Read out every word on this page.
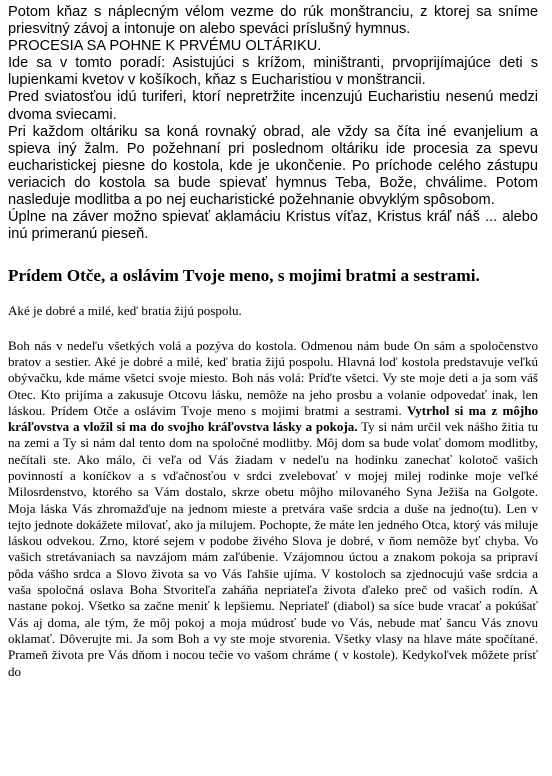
Potom kňaz s náplecným vélom vezme do rúk monštranciu, z ktorej sa sníme priesvitný závoj a intonuje on alebo speváci príslušný hymnus.

PROCESIA SA POHNE K PRVÉMU OLTÁRIKU.

Ide sa v tomto poradí: Asistujúci s krížom, miništranti, prvoprijímajúce deti s lupienkami kvetov v košíkoch, kňaz s Eucharistiou v monštrancii.

Pred sviatosťou idú turiferi, ktorí nepretržite incenzujú Eucharistiu nesenú medzi dvoma sviecami.

Pri každom oltáriku sa koná rovnaký obrad, ale vždy sa číta iné evanjelium a spieva iný žalm. Po požehnaní pri poslednom oltáriku ide procesia za spevu eucharistickej piesne do kostola, kde je ukončenie. Po príchode celého zástupu veriacich do kostola sa bude spievať hymnus Teba, Bože, chválime. Potom nasleduje modlitba a po nej eucharistické požehnanie obvyklým spôsobom.

Úplne na záver možno spievať aklamáciu Kristus víťaz, Kristus kráľ náš ... alebo inú primeranú pieseň.

Prídem Otče, a oslávim Tvoje meno, s mojimi bratmi a sestrami.

Aké je dobré a milé, keď bratia žijú pospolu.

Boh nás v nedeľu všetkých volá a pozýva do kostola. Odmenou nám bude On sám a spoločenstvo bratov a sestier. Aké je dobré a milé, keď bratia žijú pospolu. Hlavná loď kostola predstavuje veľkú obývačku, kde máme všetci svoje miesto. Boh nás volá: Príďte všetci. Vy ste moje deti a ja som váš Otec. Kto prijíma a zakusuje Otcovu lásku, nemôže na jeho prosbu a volanie odpovedať inak, len láskou. Prídem Otče a oslávim Tvoje meno s mojimi bratmi a sestrami. Vytrhol si ma z môjho kráľovstva a vložil si ma do svojho kráľovstva lásky a pokoja. Ty si nám určil vek nášho žitia tu na zemi a Ty si nám dal tento dom na spoločné modlitby. Môj dom sa bude volať domom modlitby, nečítali ste. Ako málo, či veľa od Vás žiadam v nedeľu na hodinku zanechať kolotoč vašich povinností a koníčkov a s vďačnosťou v srdci zvelebovať v mojej milej rodinke moje veľké Milosrdenstvo, ktorého sa Vám dostalo, skrze obetu môjho milovaného Syna Ježiša na Golgote. Moja láska Vás zhromažďuje na jednom mieste a pretvára vaše srdcia a duše na jedno(tu). Len v tejto jednote dokážete milovať, ako ja milujem. Pochopte, že máte len jedného Otca, ktorý vás miluje láskou odvekou. Zrno, ktoré sejem v podobe živého Slova je dobré, v ňom nemôže byť chyba. Vo vašich stretávaniach sa navzájom mám zaľúbenie. Vzájomnou úctou a znakom pokoja sa pripraví pôda vášho srdca a Slovo života sa vo Vás ľahšie ujíma. V kostoloch sa zjednocujú vaše srdcia a vaša spoločná oslava Boha Stvoriteľa zaháňa nepriateľa života ďaleko preč od vašich rodín. A nastane pokoj. Všetko sa začne meniť k lepšiemu. Nepriateľ (diabol) sa síce bude vracať a pokúšať Vás aj doma, ale tým, že môj pokoj a moja múdrosť bude vo Vás, nebude mať šancu Vás znovu oklamať. Dôverujte mi. Ja som Boh a vy ste moje stvorenia. Všetky vlasy na hlave máte spočítané. Prameň života pre Vás dňom i nocou tečie vo vašom chráme ( v kostole). Kedykoľvek môžete prísť do
